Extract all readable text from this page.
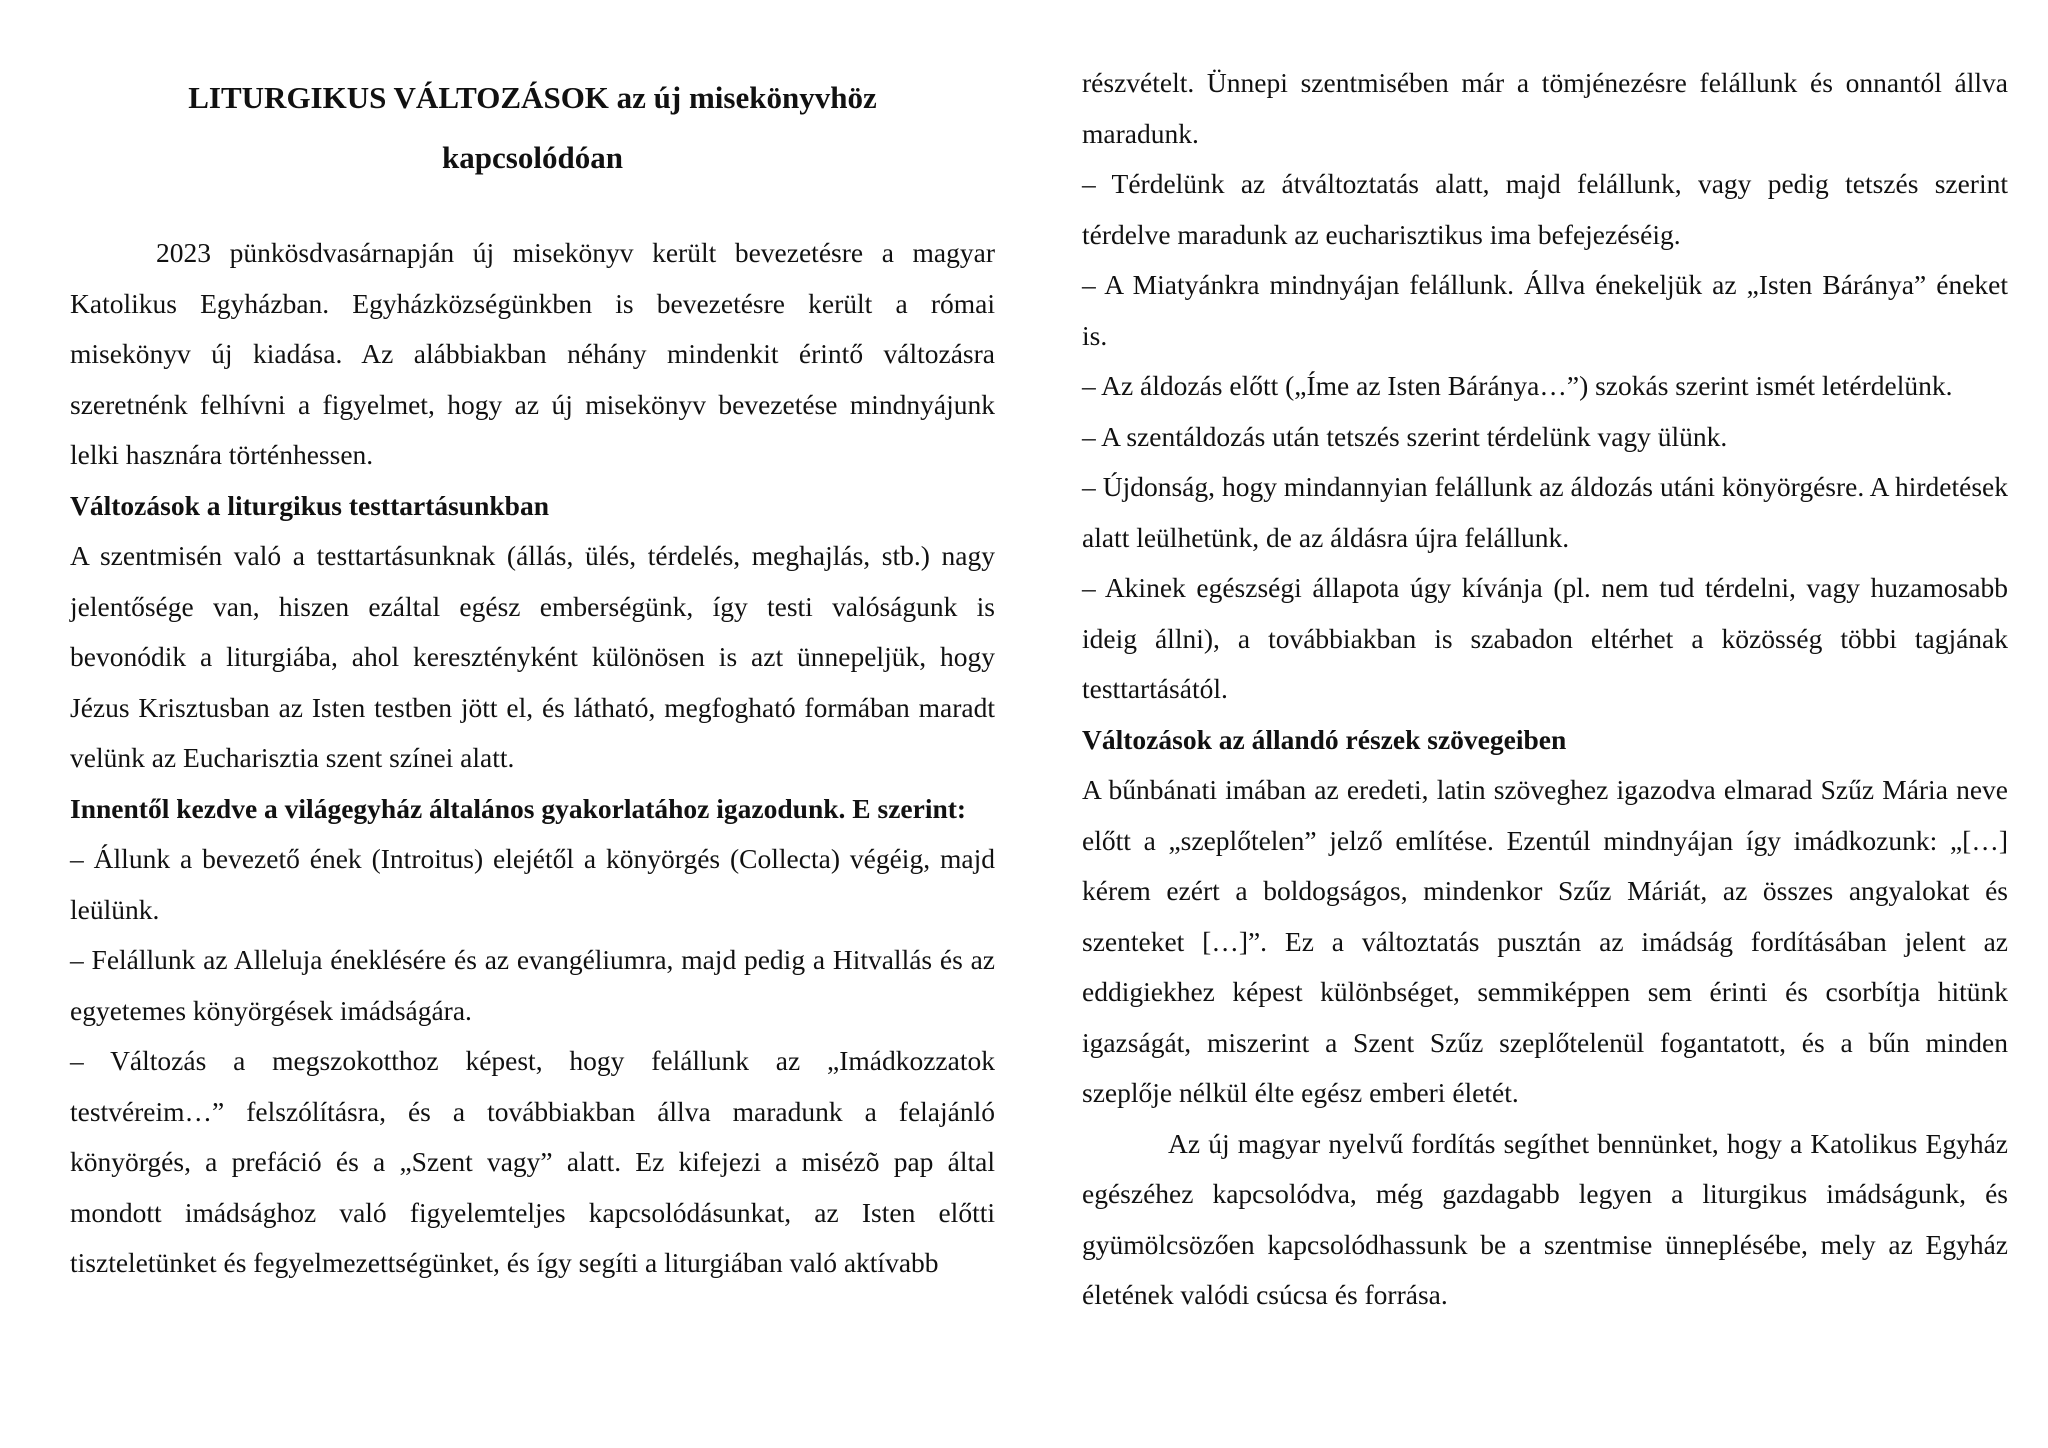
LITURGIKUS VÁLTOZÁSOK az új misekönyvhöz
kapcsolódóan

2023 pünkösdvasárnapján új misekönyv került bevezetésre a magyar Katolikus Egyházban. Egyházközségünkben is bevezetésre került a római misekönyv új kiadása. Az alábbiakban néhány mindenkit érintő változásra szeretnénk felhívni a figyelmet, hogy az új misekönyv bevezetése mindnyájunk lelki hasznára történhessen.

Változások a liturgikus testtartásunkban

A szentmisén való a testtartásunknak (állás, ülés, térdelés, meghajlás, stb.) nagy jelentősége van, hiszen ezáltal egész emberségünk, így testi valóságunk is bevonódik a liturgiába, ahol keresztényként különösen is azt ünnepeljük, hogy Jézus Krisztusban az Isten testben jött el, és látható, megfogható formában maradt velünk az Eucharisztia szent színei alatt.

Innentől kezdve a világegyház általános gyakorlatához igazodunk. E szerint:

– Állunk a bevezető ének (Introitus) elejétől a könyörgés (Collecta) végéig, majd leülünk.

– Felállunk az Alleluja éneklésére és az evangéliumra, majd pedig a Hitvallás és az egyetemes könyörgések imádságára.

– Változás a megszokotthoz képest, hogy felállunk az „Imádkozzatok testvéreim…” felszólításra, és a továbbiakban állva maradunk a felajánló könyörgés, a prefáció és a „Szent vagy” alatt. Ez kifejezi a misézõ pap által mondott imádsághoz való figyelemteljes kapcsolódásunkat, az Isten előtti tiszteletünket és fegyelmezettségünket, és így segíti a liturgiában való aktívabb

részvételt. Ünnepi szentmisében már a tömjénezésre felállunk és onnantól állva maradunk.

– Térdelünk az átváltoztatás alatt, majd felállunk, vagy pedig tetszés szerint térdelve maradunk az eucharisztikus ima befejezéséig.

– A Miatyánkra mindnyájan felállunk. Állva énekeljük az „Isten Báránya” éneket is.

– Az áldozás előtt („Íme az Isten Báránya…”) szokás szerint ismét letérdelünk.

– A szentáldozás után tetszés szerint térdelünk vagy ülünk.

– Újdonság, hogy mindannyian felállunk az áldozás utáni könyörgésre. A hirdetések alatt leülhetünk, de az áldásra újra felállunk.

– Akinek egészségi állapota úgy kívánja (pl. nem tud térdelni, vagy huzamosabb ideig állni), a továbbiakban is szabadon eltérhet a közösség többi tagjának testtartásától.

Változások az állandó részek szövegeiben

A bűnbánati imában az eredeti, latin szöveghez igazodva elmarad Szűz Mária neve előtt a „szeplőtelen” jelző említése. Ezentúl mindnyájan így imádkozunk: „[…] kérem ezért a boldogságos, mindenkor Szűz Máriát, az összes angyalokat és szenteket […]”. Ez a változtatás pusztán az imádság fordításában jelent az eddigiekhez képest különbséget, semmiképpen sem érinti és csorbítja hitünk igazságát, miszerint a Szent Szűz szeplőtelenül fogantatott, és a bűn minden szeplője nélkül élte egész emberi életét.

Az új magyar nyelvű fordítás segíthet bennünket, hogy a Katolikus Egyház egészéhez kapcsolódva, még gazdagabb legyen a liturgikus imádságunk, és gyümölcsözően kapcsolódhassunk be a szentmise ünneplésébe, mely az Egyház életének valódi csúcsa és forrása.
